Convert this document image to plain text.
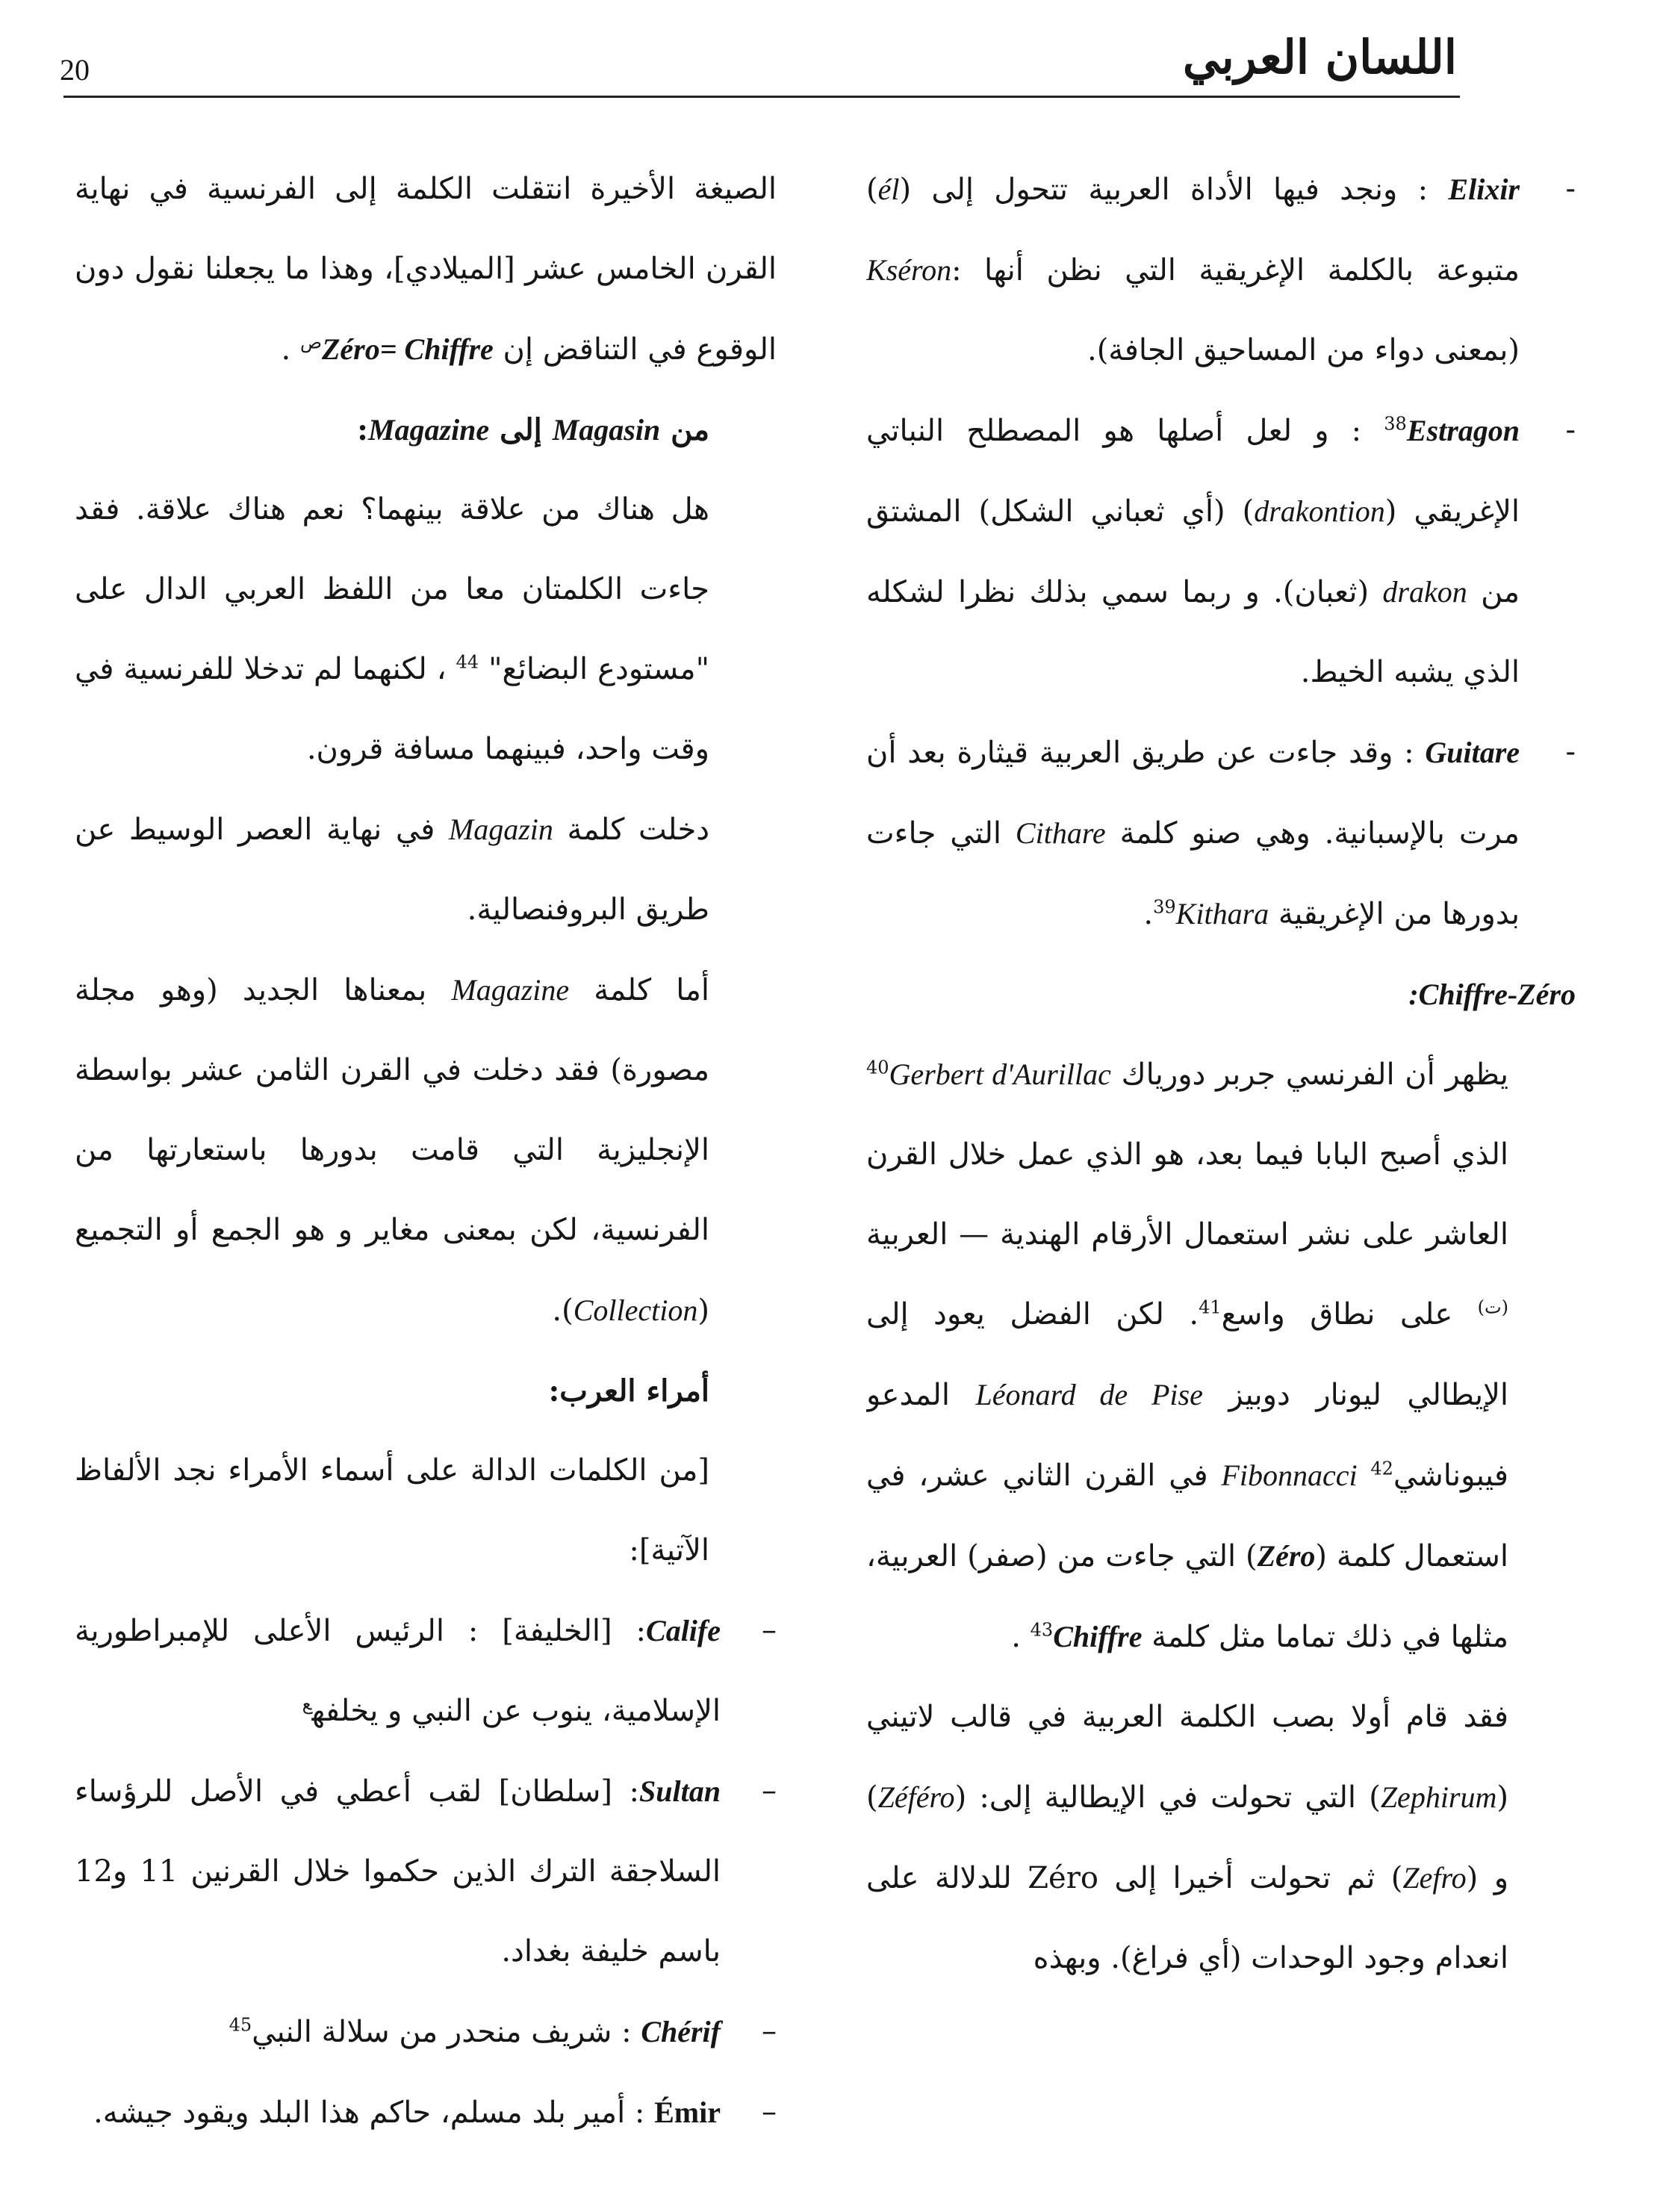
20	اللسان العربي

-
Elixir : ونجد فيها الأداة العربية تتحول إلى (él) متبوعة بالكلمة الإغريقية التي نظن أنها :Kséron (بمعنى دواء من المساحيق الجافة).

-
Estragon$^{38}$ : و لعل أصلها هو المصطلح النباتي الإغريقي (drakontion) (أي ثعباني الشكل) المشتق من drakon (ثعبان). و ربما سمي بذلك نظرا لشكله الذي يشبه الخيط.

-
Guitare : وقد جاءت عن طريق العربية قيثارة بعد أن مرت بالإسبانية. وهي صنو كلمة Cithare التي جاءت بدورها من الإغريقية Kithara$^{39}$.

:Chiffre-Zéro

يظهر أن الفرنسي جربر دورياك Gerbert d'Aurillac$^{40}$ الذي أصبح البابا فيما بعد، هو الذي عمل خلال القرن العاشر على نشر استعمال الأرقام الهندية — العربية $^{(ت)}$ على نطاق واسع$^{41}$. لكن الفضل يعود إلى الإيطالي ليونار دوبيز Léonard de Pise المدعو فيبوناشي$^{42}$ Fibonnacci في القرن الثاني عشر، في استعمال كلمة (Zéro) التي جاءت من (صفر) العربية، مثلها في ذلك تماما مثل كلمة Chiffre$^{43}$ .

فقد قام أولا بصب الكلمة العربية في قالب لاتيني (Zephirum) التي تحولت في الإيطالية إلى: (Zéféro) و (Zefro) ثم تحولت أخيرا إلى Zéro للدلالة على انعدام وجود الوحدات (أي فراغ). وبهذه

الصيغة الأخيرة انتقلت الكلمة إلى الفرنسية في نهاية القرن الخامس عشر [الميلادي]، وهذا ما يجعلنا نقول دون الوقوع في التناقض إن Zéro= Chiffre$^ص$ .

من Magasin إلى Magazine:

هل هناك من علاقة بينهما؟ نعم هناك علاقة. فقد جاءت الكلمتان معا من اللفظ العربي الدال على "مستودع البضائع" $^{44}$ ، لكنهما لم تدخلا للفرنسية في وقت واحد، فبينهما مسافة قرون.

دخلت كلمة Magazin في نهاية العصر الوسيط عن طريق البروفنصالية.

أما كلمة Magazine بمعناها الجديد (وهو مجلة مصورة) فقد دخلت في القرن الثامن عشر بواسطة الإنجليزية التي قامت بدورها باستعارتها من الفرنسية، لكن بمعنى مغاير و هو الجمع أو التجميع (Collection).

أمراء العرب:

[من الكلمات الدالة على أسماء الأمراء نجد الألفاظ الآتية]:

–
Calife: [الخليفة] : الرئيس الأعلى للإمبراطورية الإسلامية، ينوب عن النبي و يخلفه$^ع$

–
Sultan: [سلطان] لقب أعطي في الأصل للرؤساء السلاجقة الترك الذين حكموا خلال القرنين 11 و12 باسم خليفة بغداد.

–
Chérif : شريف منحدر من سلالة النبي$^{45}$

–
Émir : أمير بلد مسلم، حاكم هذا البلد ويقود جيشه.
